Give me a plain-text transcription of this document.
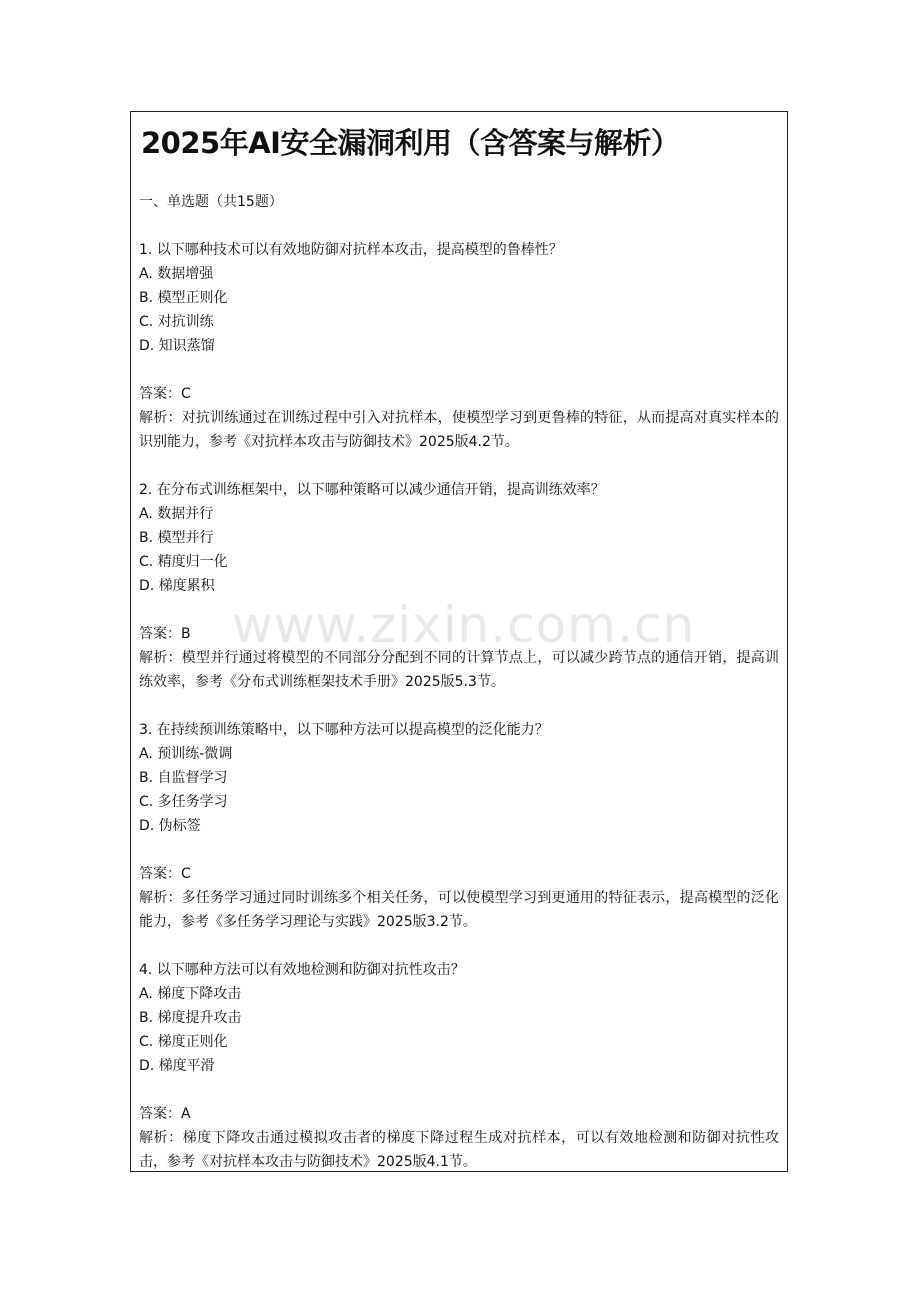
2025年AI安全漏洞利用（含答案与解析）
一、单选题（共15题）

1. 以下哪种技术可以有效地防御对抗样本攻击，提高模型的鲁棒性？

A. 数据增强

B. 模型正则化

C. 对抗训练

D. 知识蒸馏

答案：C

解析：对抗训练通过在训练过程中引入对抗样本，使模型学习到更鲁棒的特征，从而提高对真实样本的识别能力，参考《对抗样本攻击与防御技术》2025版4.2节。

2. 在分布式训练框架中，以下哪种策略可以减少通信开销，提高训练效率？

A. 数据并行

B. 模型并行

C. 精度归一化

D. 梯度累积

答案：B

解析：模型并行通过将模型的不同部分分配到不同的计算节点上，可以减少跨节点的通信开销，提高训练效率，参考《分布式训练框架技术手册》2025版5.3节。

3. 在持续预训练策略中，以下哪种方法可以提高模型的泛化能力？

A. 预训练-微调

B. 自监督学习

C. 多任务学习

D. 伪标签

答案：C

解析：多任务学习通过同时训练多个相关任务，可以使模型学习到更通用的特征表示，提高模型的泛化能力，参考《多任务学习理论与实践》2025版3.2节。

4. 以下哪种方法可以有效地检测和防御对抗性攻击？

A. 梯度下降攻击

B. 梯度提升攻击

C. 梯度正则化

D. 梯度平滑

答案：A

解析：梯度下降攻击通过模拟攻击者的梯度下降过程生成对抗样本，可以有效地检测和防御对抗性攻击，参考《对抗样本攻击与防御技术》2025版4.1节。

www.zixin.com.cn
